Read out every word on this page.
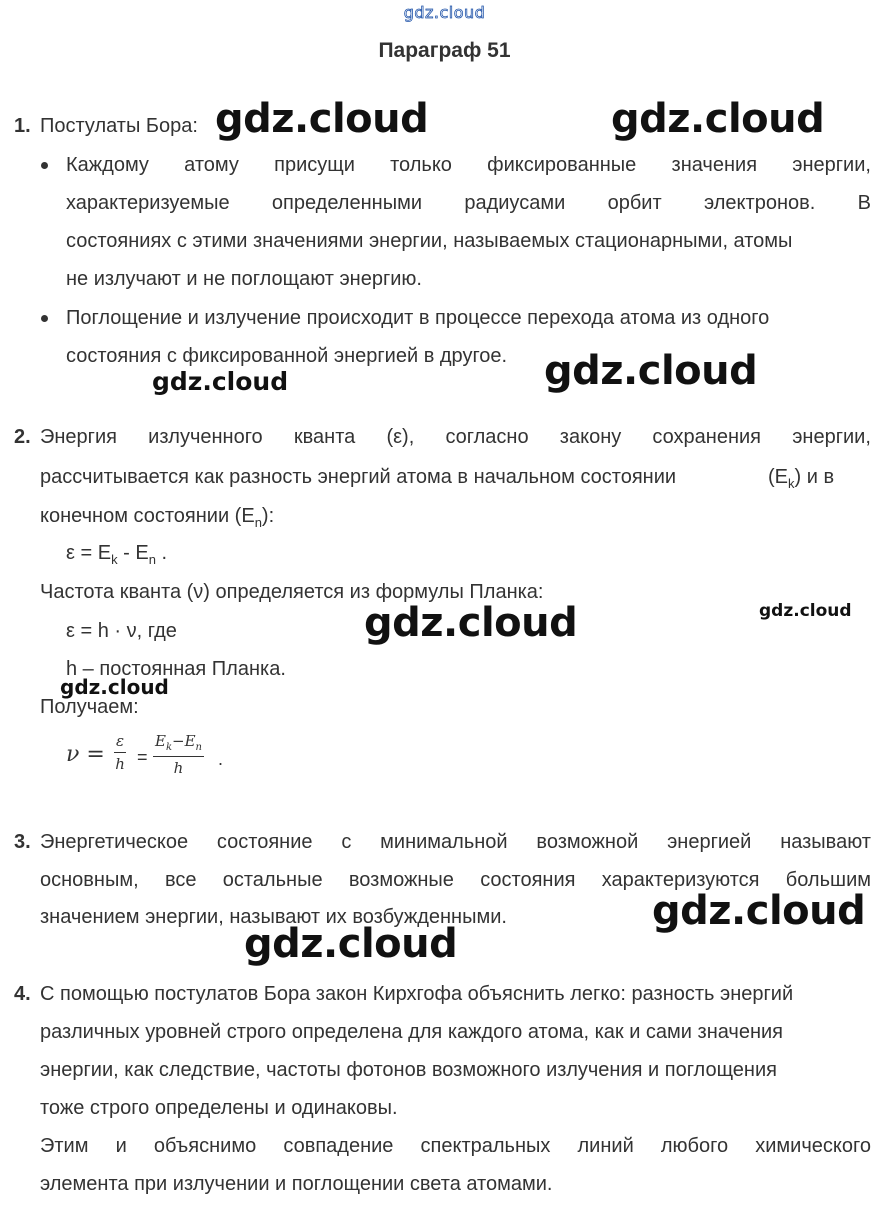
gdz.cloud
Параграф 51
1. Постулаты Бора:
Каждому атому присущи только фиксированные значения энергии,
характеризуемые определенными радиусами орбит электронов. В
состояниях с этими значениями энергии, называемых стационарными, атомы
не излучают и не поглощают энергию.
Поглощение и излучение происходит в процессе перехода атома из одного
состояния с фиксированной энергией в другое.
2. Энергия излученного кванта (ε), согласно закону сохранения энергии,
рассчитывается как разность энергий атома в начальном состоянии	$(E_k)$ и в
конечном состоянии $(E_n)$:
$\varepsilon = E_k - E_n$ .
Частота кванта (ν) определяется из формулы Планка:
ε = h · ν, где
h – постоянная Планка.
Получаем:
ν =
ε
h =
$E_k-E_n$
h	.
3. Энергетическое состояние с минимальной возможной энергией называют
основным, все остальные возможные состояния характеризуются большим
значением энергии, называют их возбужденными.
4. С помощью постулатов Бора закон Кирхгофа объяснить легко: разность энергий
различных уровней строго определена для каждого атома, как и сами значения
энергии, как следствие, частоты фотонов возможного излучения и поглощения
тоже строго определены и одинаковы.
Этим и объяснимо совпадение спектральных линий любого химического
элемента при излучении и поглощении света атомами.
gdz.cloud	gdz.cloud
gdz.cloud	gdz.cloud
gdz.cloud	gdz.cloud
gdz.cloud
gdz.cloud
gdz.cloud
